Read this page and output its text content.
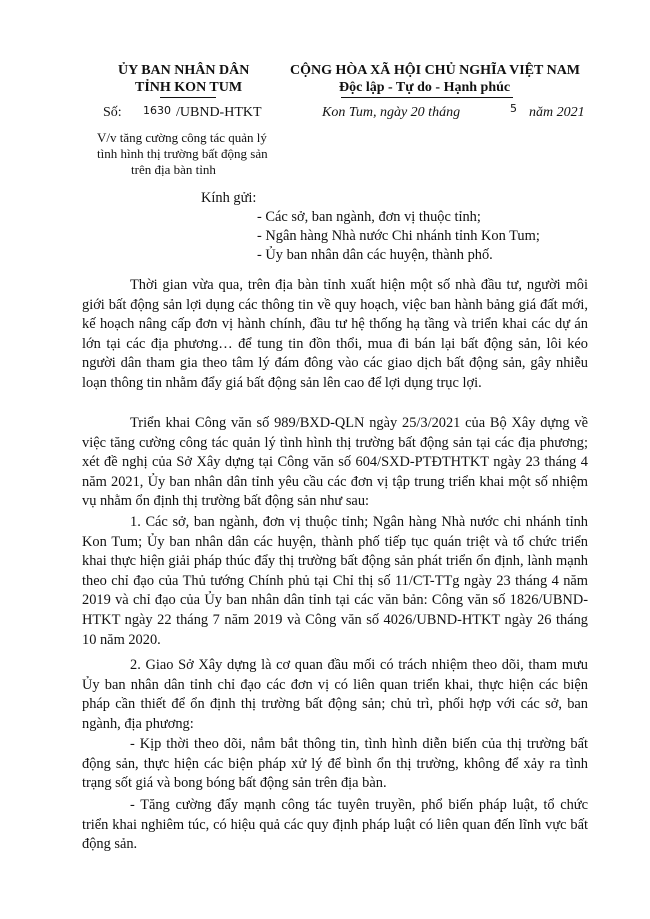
ỦY BAN NHÂN DÂN
TỈNH KON TUM
Số: 1630 /UBND-HTKT
V/v tăng cường công tác quản lý
tình hình thị trường bất động sản
trên địa bàn tỉnh
CỘNG HÒA XÃ HỘI CHỦ NGHĨA VIỆT NAM
Độc lập - Tự do - Hạnh phúc
Kon Tum, ngày 20 tháng	5 năm 2021
Kính gửi:
- Các sở, ban ngành, đơn vị thuộc tỉnh;
- Ngân hàng Nhà nước Chi nhánh tỉnh Kon Tum;
- Ủy ban nhân dân các huyện, thành phố.

Thời gian vừa qua, trên địa bàn tỉnh xuất hiện một số nhà đầu tư, người môi giới bất động sản lợi dụng các thông tin về quy hoạch, việc ban hành bảng giá đất mới, kế hoạch nâng cấp đơn vị hành chính, đầu tư hệ thống hạ tầng và triển khai các dự án lớn tại các địa phương… để tung tin đồn thổi, mua đi bán lại bất động sản, lôi kéo người dân tham gia theo tâm lý đám đông vào các giao dịch bất động sản, gây nhiễu loạn thông tin nhằm đẩy giá bất động sản lên cao để lợi dụng trục lợi.

Triển khai Công văn số 989/BXD-QLN ngày 25/3/2021 của Bộ Xây dựng về việc tăng cường công tác quản lý tình hình thị trường bất động sản tại các địa phương; xét đề nghị của Sở Xây dựng tại Công văn số 604/SXD-PTĐTHTKT ngày 23 tháng 4 năm 2021, Ủy ban nhân dân tỉnh yêu cầu các đơn vị tập trung triển khai một số nhiệm vụ nhằm ổn định thị trường bất động sản như sau:

1. Các sở, ban ngành, đơn vị thuộc tỉnh; Ngân hàng Nhà nước chi nhánh tỉnh Kon Tum; Ủy ban nhân dân các huyện, thành phố tiếp tục quán triệt và tổ chức triển khai thực hiện giải pháp thúc đẩy thị trường bất động sản phát triển ổn định, lành mạnh theo chỉ đạo của Thủ tướng Chính phủ tại Chỉ thị số 11/CT-TTg ngày 23 tháng 4 năm 2019 và chỉ đạo của Ủy ban nhân dân tỉnh tại các văn bản: Công văn số 1826/UBND-HTKT ngày 22 tháng 7 năm 2019 và Công văn số 4026/UBND-HTKT ngày 26 tháng 10 năm 2020.

2. Giao Sở Xây dựng là cơ quan đầu mối có trách nhiệm theo dõi, tham mưu Ủy ban nhân dân tỉnh chỉ đạo các đơn vị có liên quan triển khai, thực hiện các biện pháp cần thiết để ổn định thị trường bất động sản; chủ trì, phối hợp với các sở, ban ngành, địa phương:

- Kịp thời theo dõi, nắm bắt thông tin, tình hình diễn biến của thị trường bất động sản, thực hiện các biện pháp xử lý để bình ổn thị trường, không để xảy ra tình trạng sốt giá và bong bóng bất động sản trên địa bàn.

- Tăng cường đẩy mạnh công tác tuyên truyền, phổ biến pháp luật, tổ chức triển khai nghiêm túc, có hiệu quả các quy định pháp luật có liên quan đến lĩnh vực bất động sản.
